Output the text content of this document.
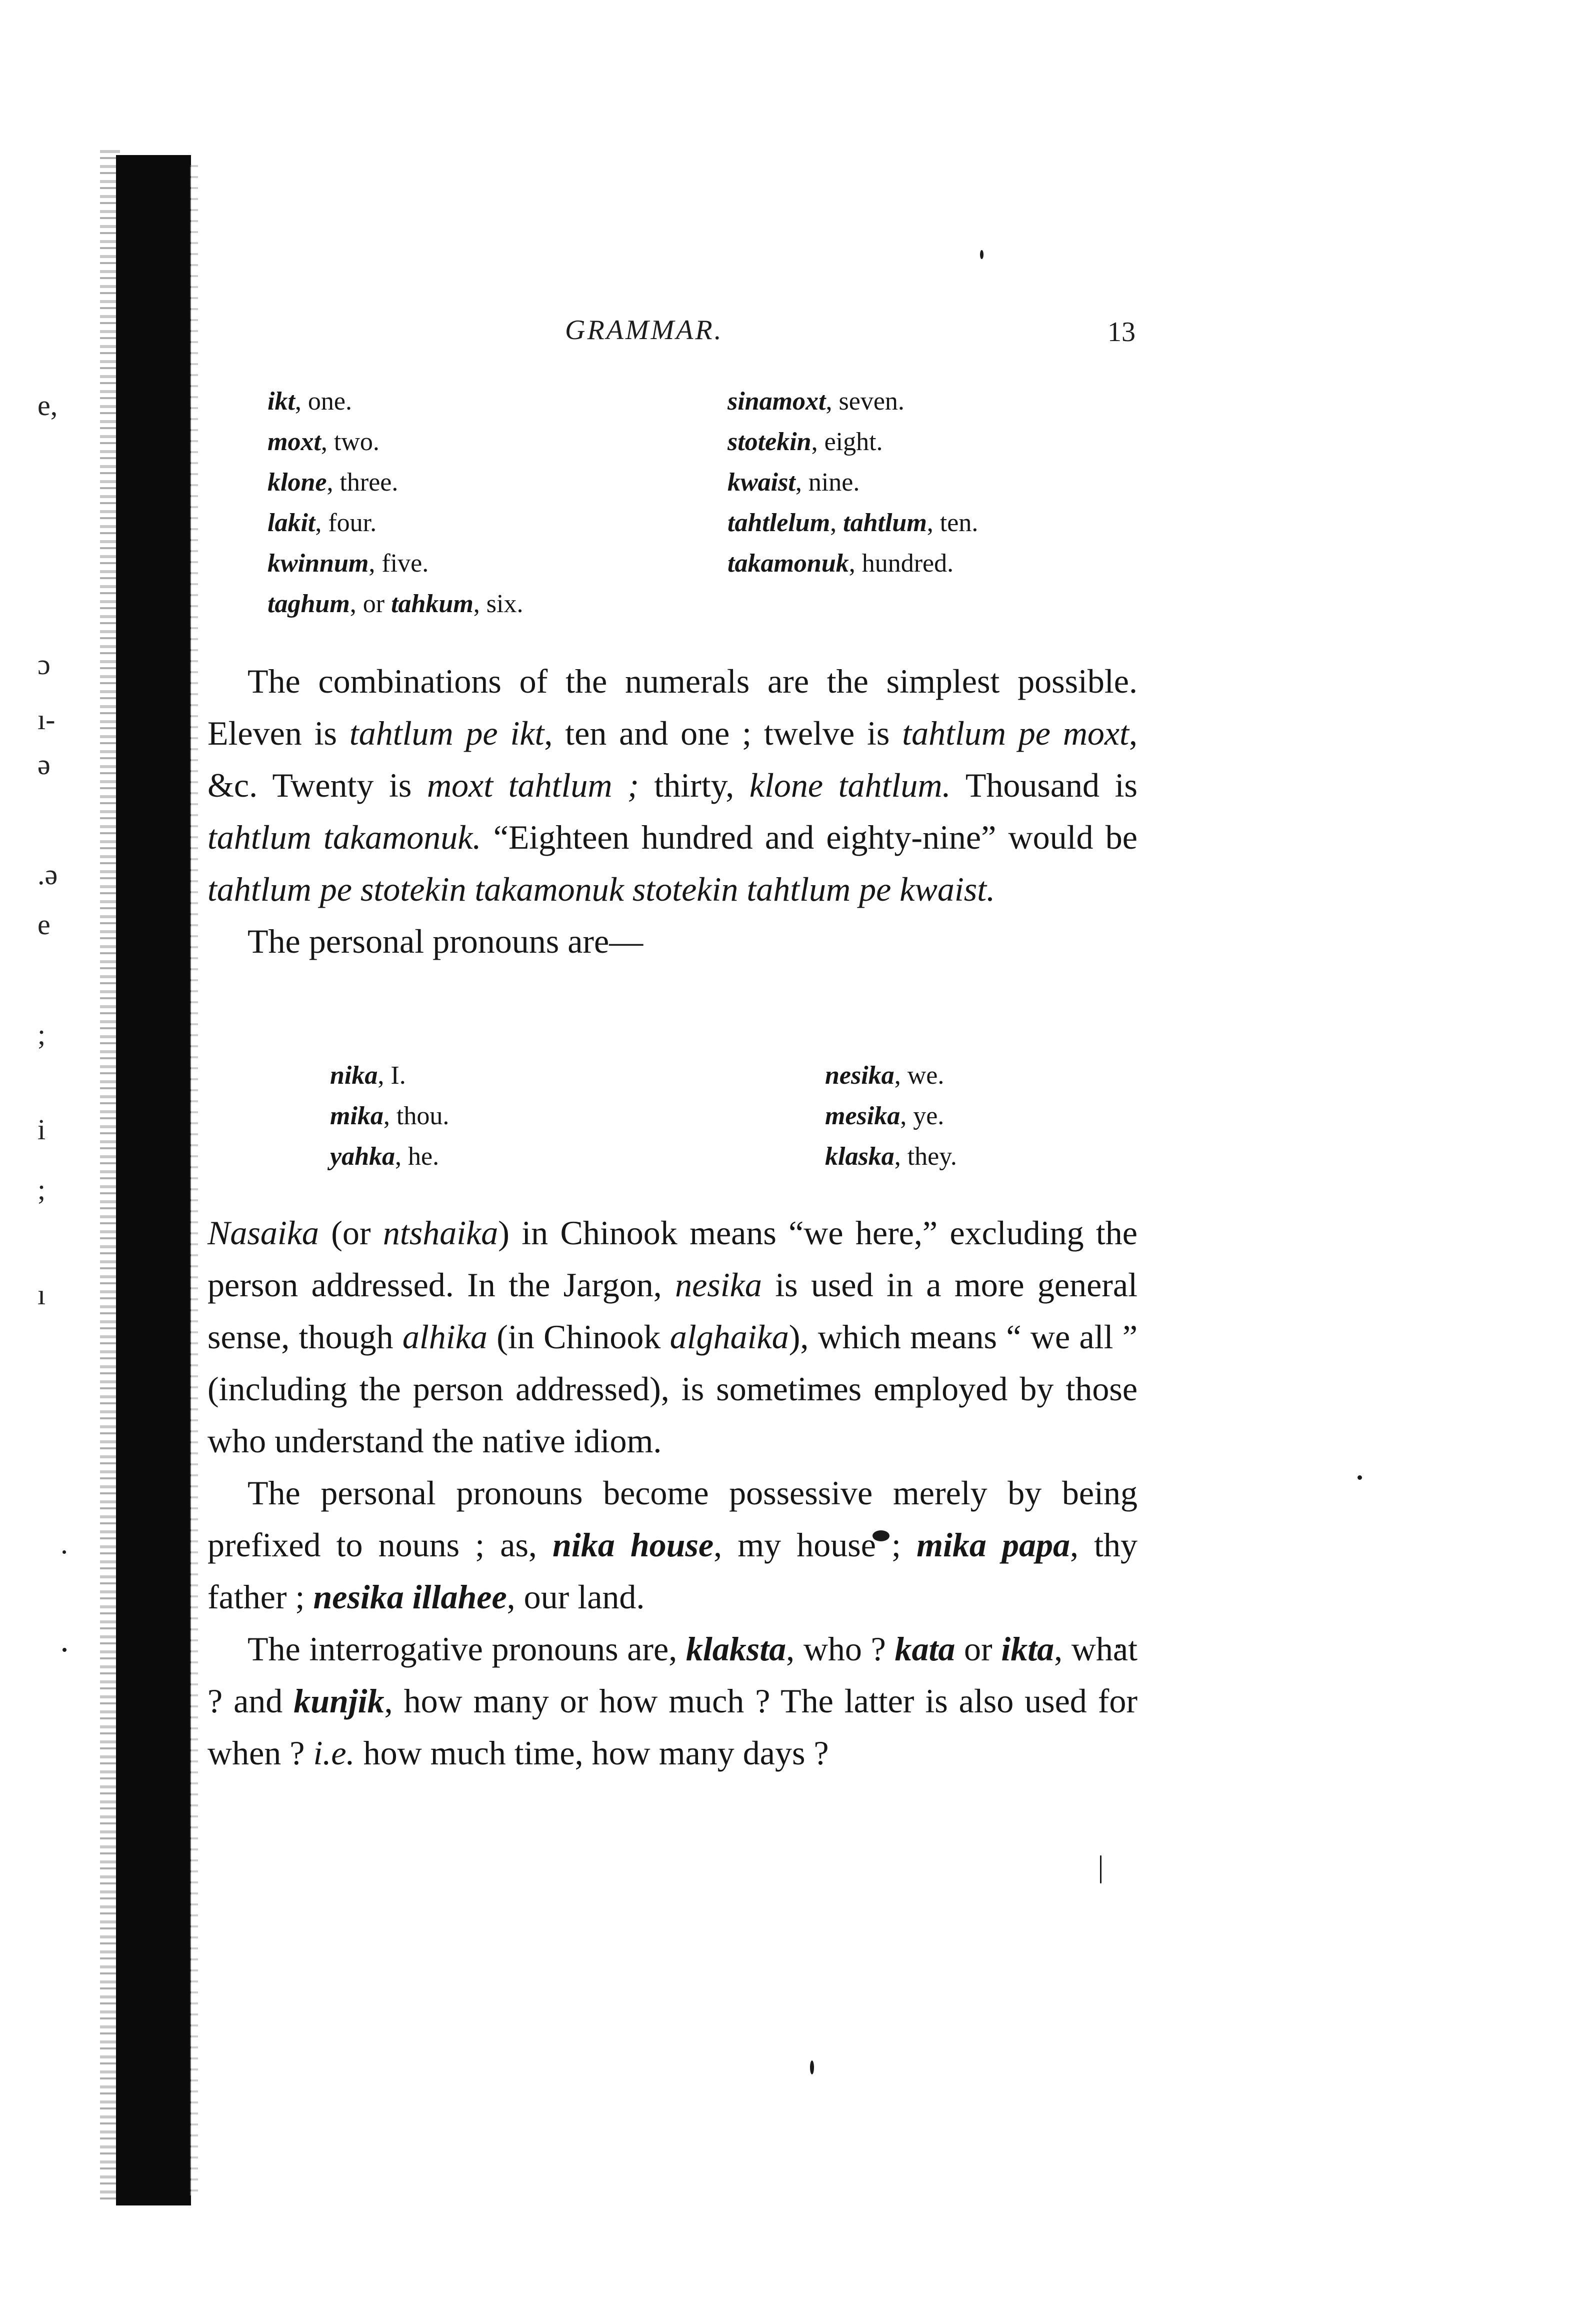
e,
ɔ
ı-
ə
.ə
e
;
i
;
ı
GRAMMAR.	13
ikt, one.
moxt, two.
klone, three.
lakit, four.
kwinnum, five.
taghum, or tahkum, six.
sinamoxt, seven.
stotekin, eight.
kwaist, nine.
tahtlelum, tahtlum, ten.
takamonuk, hundred.

The combinations of the numerals are the simplest possible. Eleven is tahtlum pe ikt, ten and one ; twelve is tahtlum pe moxt, &c. Twenty is moxt tahtlum ; thirty, klone tahtlum. Thousand is tahtlum takamonuk. “Eighteen hundred and eighty-nine” would be tahtlum pe stotekin takamonuk stotekin tahtlum pe kwaist.

The personal pronouns are—

nika, I.
mika, thou.
yahka, he.
nesika, we.
mesika, ye.
klaska, they.

Nasaika (or ntshaika) in Chinook means “we here,” excluding the person addressed. In the Jargon, nesika is used in a more general sense, though alhika (in Chinook alghaika), which means “ we all ” (including the person addressed), is sometimes employed by those who understand the native idiom.

The personal pronouns become possessive merely by being prefixed to nouns ; as, nika house, my house ; mika papa, thy father ; nesika illahee, our land.

The interrogative pronouns are, klaksta, who ? kata or ikta, what ? and kunjik, how many or how much ? The latter is also used for when ? i.e. how much time, how many days ?
